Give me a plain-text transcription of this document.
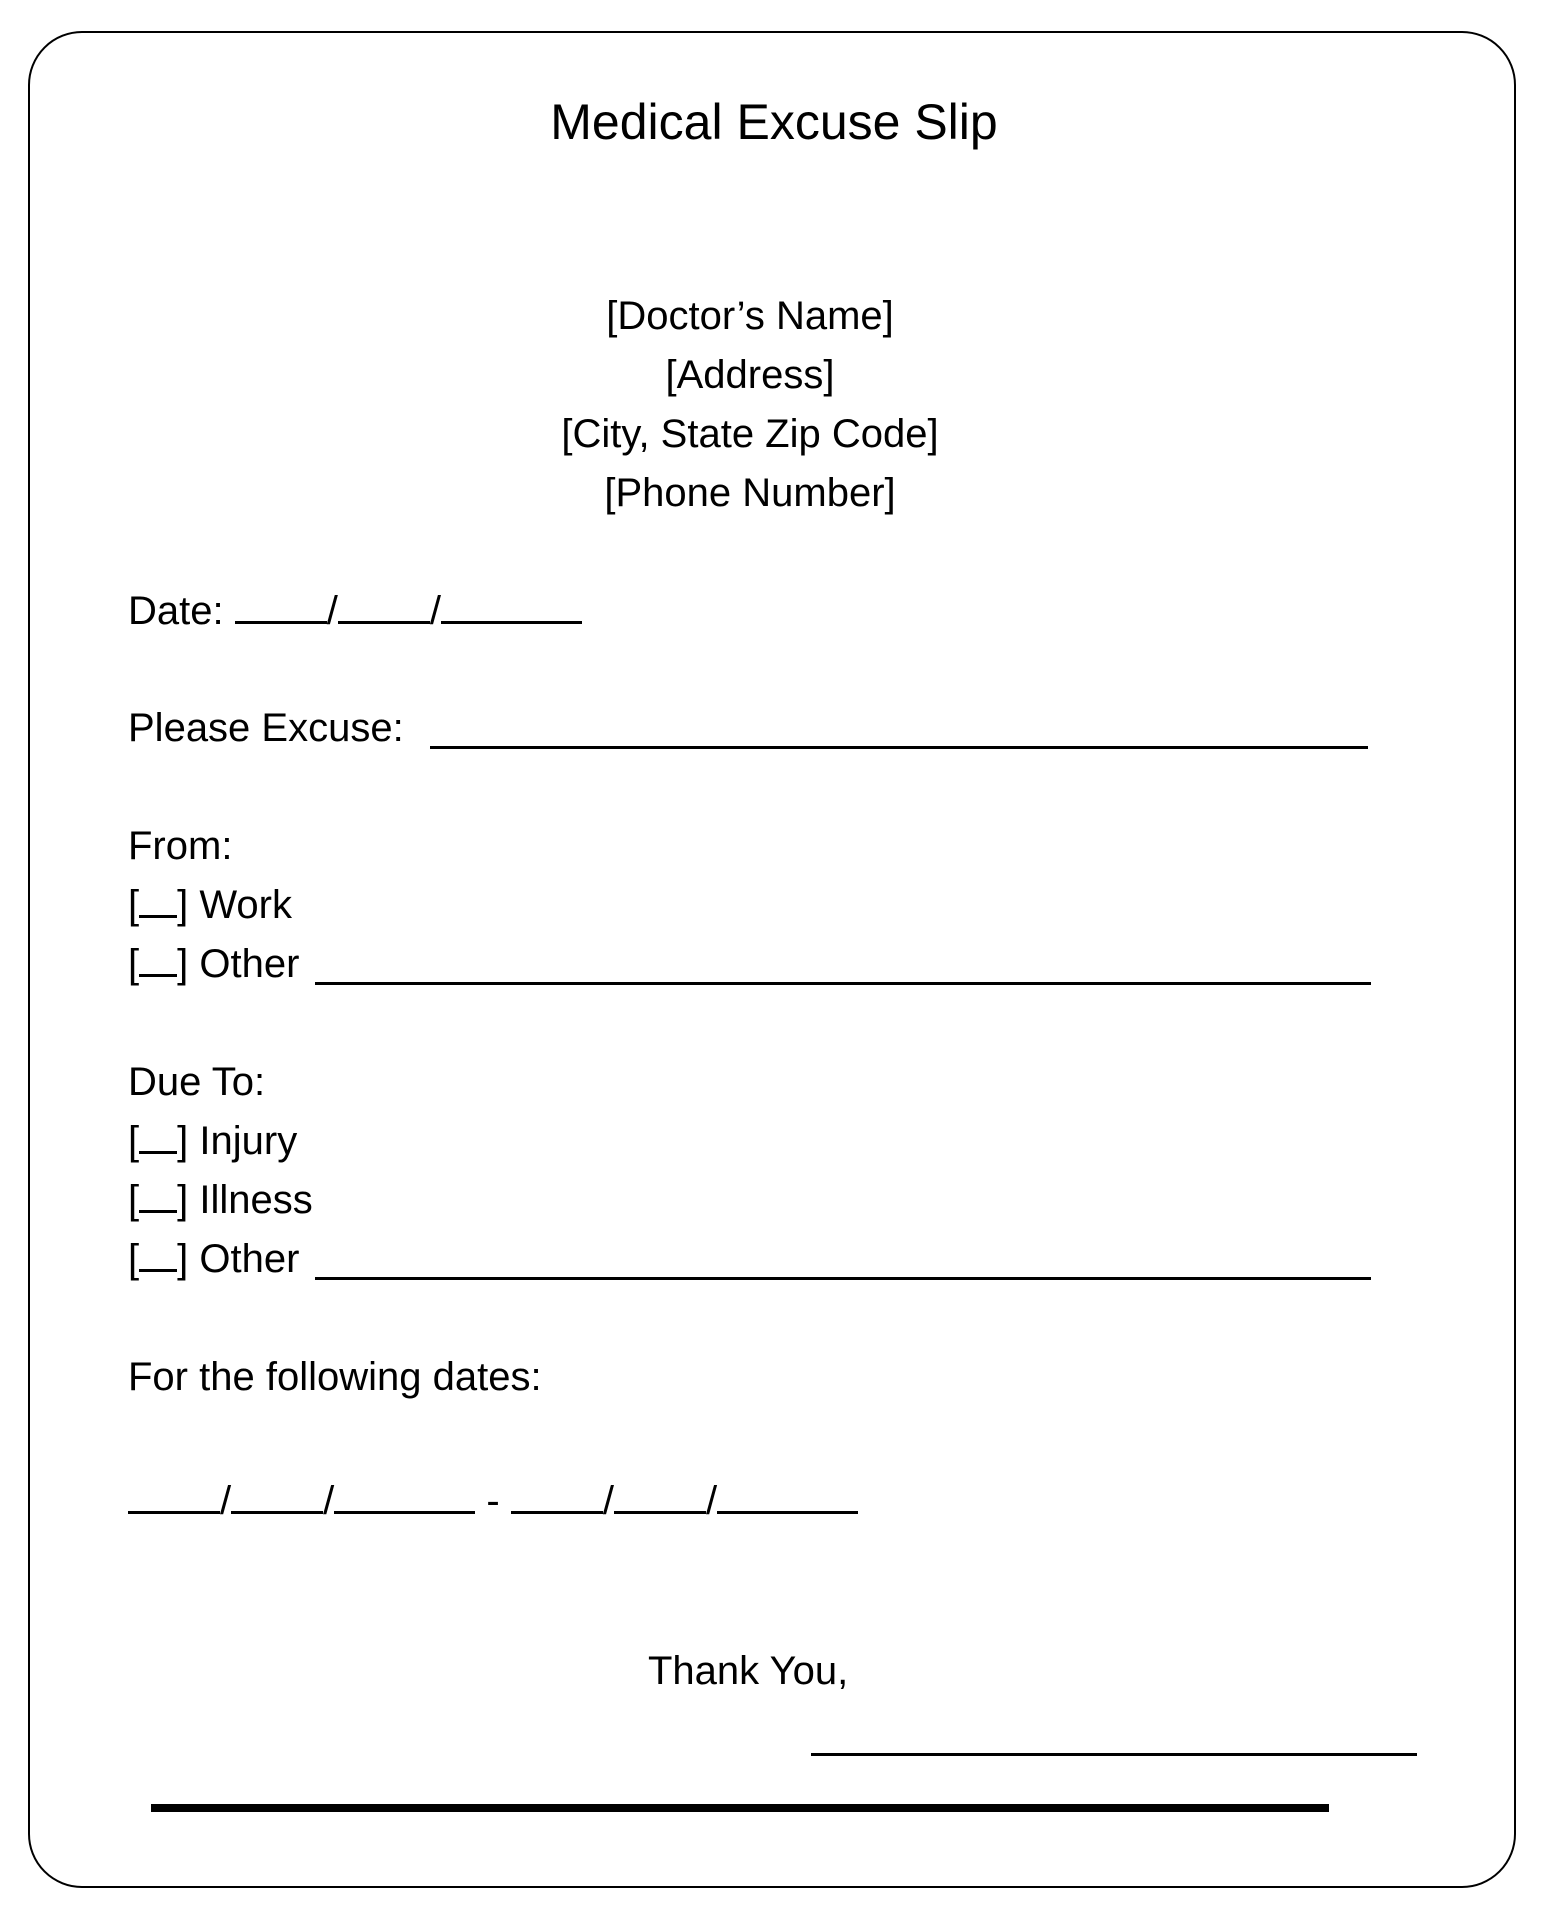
Medical Excuse Slip
[Doctor’s Name]
[Address]
[City, State Zip Code]
[Phone Number]
Date:	/ /
Please Excuse:
From:
[ ] Work
[ ] Other
Due To:
[ ] Injury
[ ] Illness
[ ] Other
For the following dates:
/ /	-	/ /
Thank You,
